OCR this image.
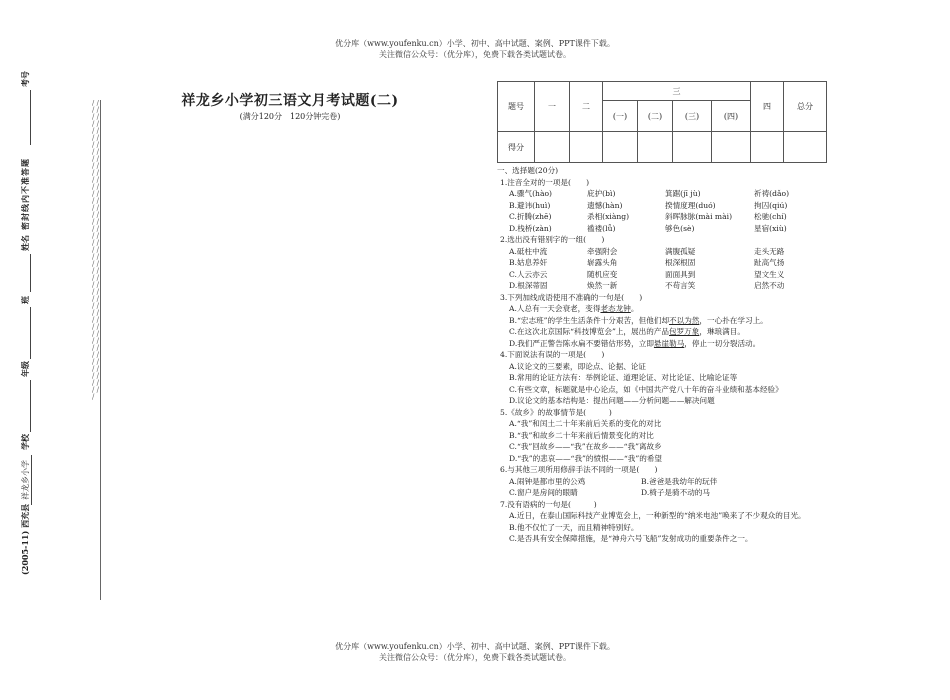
优分库（www.youfenku.cn）小学、初中、高中试题、案例、PPT课件下载。
关注微信公众号：（优分库），免费下载各类试题试卷。
优分库（www.youfenku.cn）小学、初中、高中试题、案例、PPT课件下载。
关注微信公众号：（优分库），免费下载各类试题试卷。
祥龙乡小学初三语文月考试题(二)
(满分120分　120分钟完卷)
/ / / / / / / / / / / / / / / / / / / / / / / / / / / / / / / / / / / / / / / / / / / / / / / / / / / / / / / / / / / / / / / / / / / / / / / / / / / / / / / / / / / / /
(2005-11) 西充县
祥龙乡小学
学校
年级
班
姓名
密封线内不准答题
考号
题号	一	二	三				四	总分
			(一)	(二)	(三)	(四)		
得分								
一、选择题(20分)
1.注音全对的一项是(　　)
A.骤气(hào)	庇护(bì)	箕踞(jī jù)	祈祷(dǎo)
B.避讳(huì)	遗憾(hàn)	揆情度理(duó)	拘囚(qiú)
C.折腾(zhē)	杀相(xiàng)	斜晖脉脉(mài mài)	松驰(chí)
D.栈桥(zàn)	褴褛(lǚ)	够色(sè)	星宿(xiù)
2.选出没有错别字的一组(　　)
A.砥柱中流	牵强附会	满腹孤疑	走头无路
B.姑息养奸	崭露头角	根深根固	趾高气扬
C.人云亦云	随机应变	面面具到	望文生义
D.根深蒂固	焕然一新	不苟言笑	启然不动
3.下列加线成语使用不准确的一句是(　　)
A.人总有一天会衰老，变得老态龙钟。
B.“宏志班”的学生生活条件十分艰苦，但他们却不以为然，一心扑在学习上。
C.在这次北京国际“科技博览会”上，展出的产品包罗万象，琳琅满目。
D.我们严正警告陈水扁不要错估形势，立即悬崖勒马，停止一切分裂活动。
4.下面说法有误的一项是(　　)
A.议论文的三要素，即论点、论据、论证
B.常用的论证方法有：举例论证、道理论证、对比论证、比喻论证等
C.有些文章，标题就是中心论点，如《中国共产党八十年的奋斗业绩和基本经验》
D.议论文的基本结构是：提出问题——分析问题——解决问题
5.《故乡》的故事情节是(　　　)
A.“我”和闰土二十年来前后关系的变化的对比
B.“我”和故乡二十年来前后情景变化的对比
C.“我”回故乡——“我”在故乡——“我”离故乡
D.“我”的悲哀——“我”的愤恨——“我”的希望
6.与其他三项所用修辞手法不同的一项是(　　)
A.闹钟是都市里的公鸡	B.爸爸是我幼年的玩伴
C.窗户是房间的眼睛	D.椅子是骑不动的马
7.没有语病的一句是(　　　)
A.近日，在泰山国际科技产业博览会上，一种新型的“纳米电池”唤来了不少观众的目光。
B.他不仅忙了一天，而且精神特别好。
C.是否具有安全保障措施，是“神舟六号飞船”发射成功的重要条件之一。
